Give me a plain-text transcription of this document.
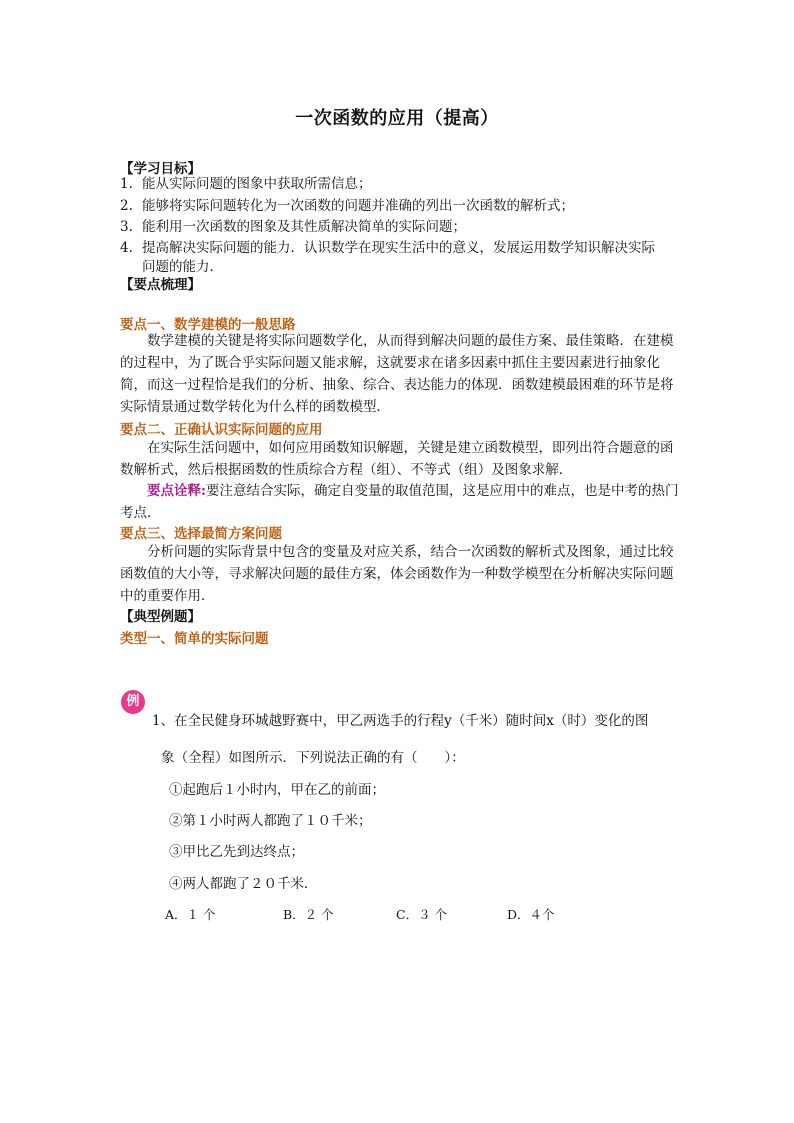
一次函数的应用（提高）
【学习目标】
1. 能从实际问题的图象中获取所需信息；
2. 能够将实际问题转化为一次函数的问题并准确的列出一次函数的解析式；
3. 能利用一次函数的图象及其性质解决简单的实际问题；
4. 提高解决实际问题的能力．认识数学在现实生活中的意义，发展运用数学知识解决实际
问题的能力．
【要点梳理】
要点一、数学建模的一般思路
数学建模的关键是将实际问题数学化，从而得到解决问题的最佳方案、最佳策略．在建模的过程中，为了既合乎实际问题又能求解，这就要求在诸多因素中抓住主要因素进行抽象化简，而这一过程恰是我们的分析、抽象、综合、表达能力的体现．函数建模最困难的环节是将实际情景通过数学转化为什么样的函数模型．
要点二、正确认识实际问题的应用
在实际生活问题中，如何应用函数知识解题，关键是建立函数模型，即列出符合题意的函数解析式，然后根据函数的性质综合方程（组）、不等式（组）及图象求解．
要点诠释:要注意结合实际，确定自变量的取值范围，这是应用中的难点，也是中考的热门考点．
要点三、选择最简方案问题
分析问题的实际背景中包含的变量及对应关系，结合一次函数的解析式及图象，通过比较函数值的大小等，寻求解决问题的最佳方案，体会函数作为一种数学模型在分析解决实际问题中的重要作用．
【典型例题】
类型一、简单的实际问题
例
1、在全民健身环城越野赛中，甲乙两选手的行程y（千米）随时间x（时）变化的图
象（全程）如图所示．下列说法正确的有（　　）：
①起跑后１小时内，甲在乙的前面；
②第１小时两人都跑了１０千米；
③甲比乙先到达终点；
④两人都跑了２０千米．
A．１ 个	B．２ 个	C．３ 个	D．４个
